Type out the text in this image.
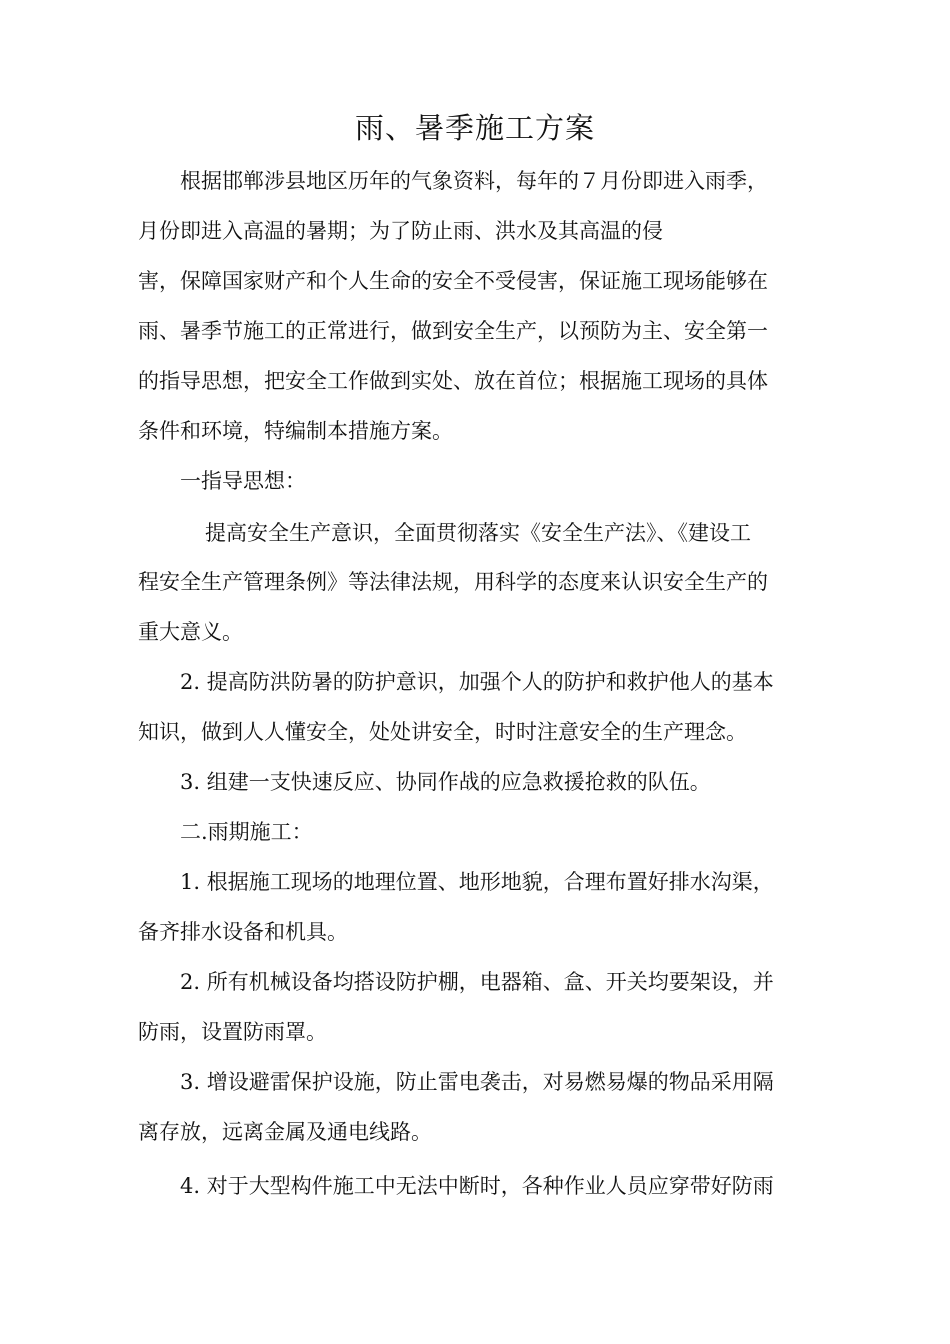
雨、暑季施工方案
根据邯郸涉县地区历年的气象资料，每年的７月份即进入雨季，
月份即进入高温的暑期；为了防止雨、洪水及其高温的侵
害，保障国家财产和个人生命的安全不受侵害，保证施工现场能够在
雨、暑季节施工的正常进行，做到安全生产，以预防为主、安全第一
的指导思想，把安全工作做到实处、放在首位；根据施工现场的具体
条件和环境，特编制本措施方案。
一指导思想：
提高安全生产意识，全面贯彻落实《安全生产法》、《建设工
程安全生产管理条例》等法律法规，用科学的态度来认识安全生产的
重大意义。
2. 提高防洪防暑的防护意识，加强个人的防护和救护他人的基本
知识，做到人人懂安全，处处讲安全，时时注意安全的生产理念。
3. 组建一支快速反应、协同作战的应急救援抢救的队伍。
二.雨期施工：
1. 根据施工现场的地理位置、地形地貌，合理布置好排水沟渠，
备齐排水设备和机具。
2. 所有机械设备均搭设防护棚，电器箱、盒、开关均要架设，并
防雨，设置防雨罩。
3. 增设避雷保护设施，防止雷电袭击，对易燃易爆的物品采用隔
离存放，远离金属及通电线路。
4. 对于大型构件施工中无法中断时，各种作业人员应穿带好防雨
